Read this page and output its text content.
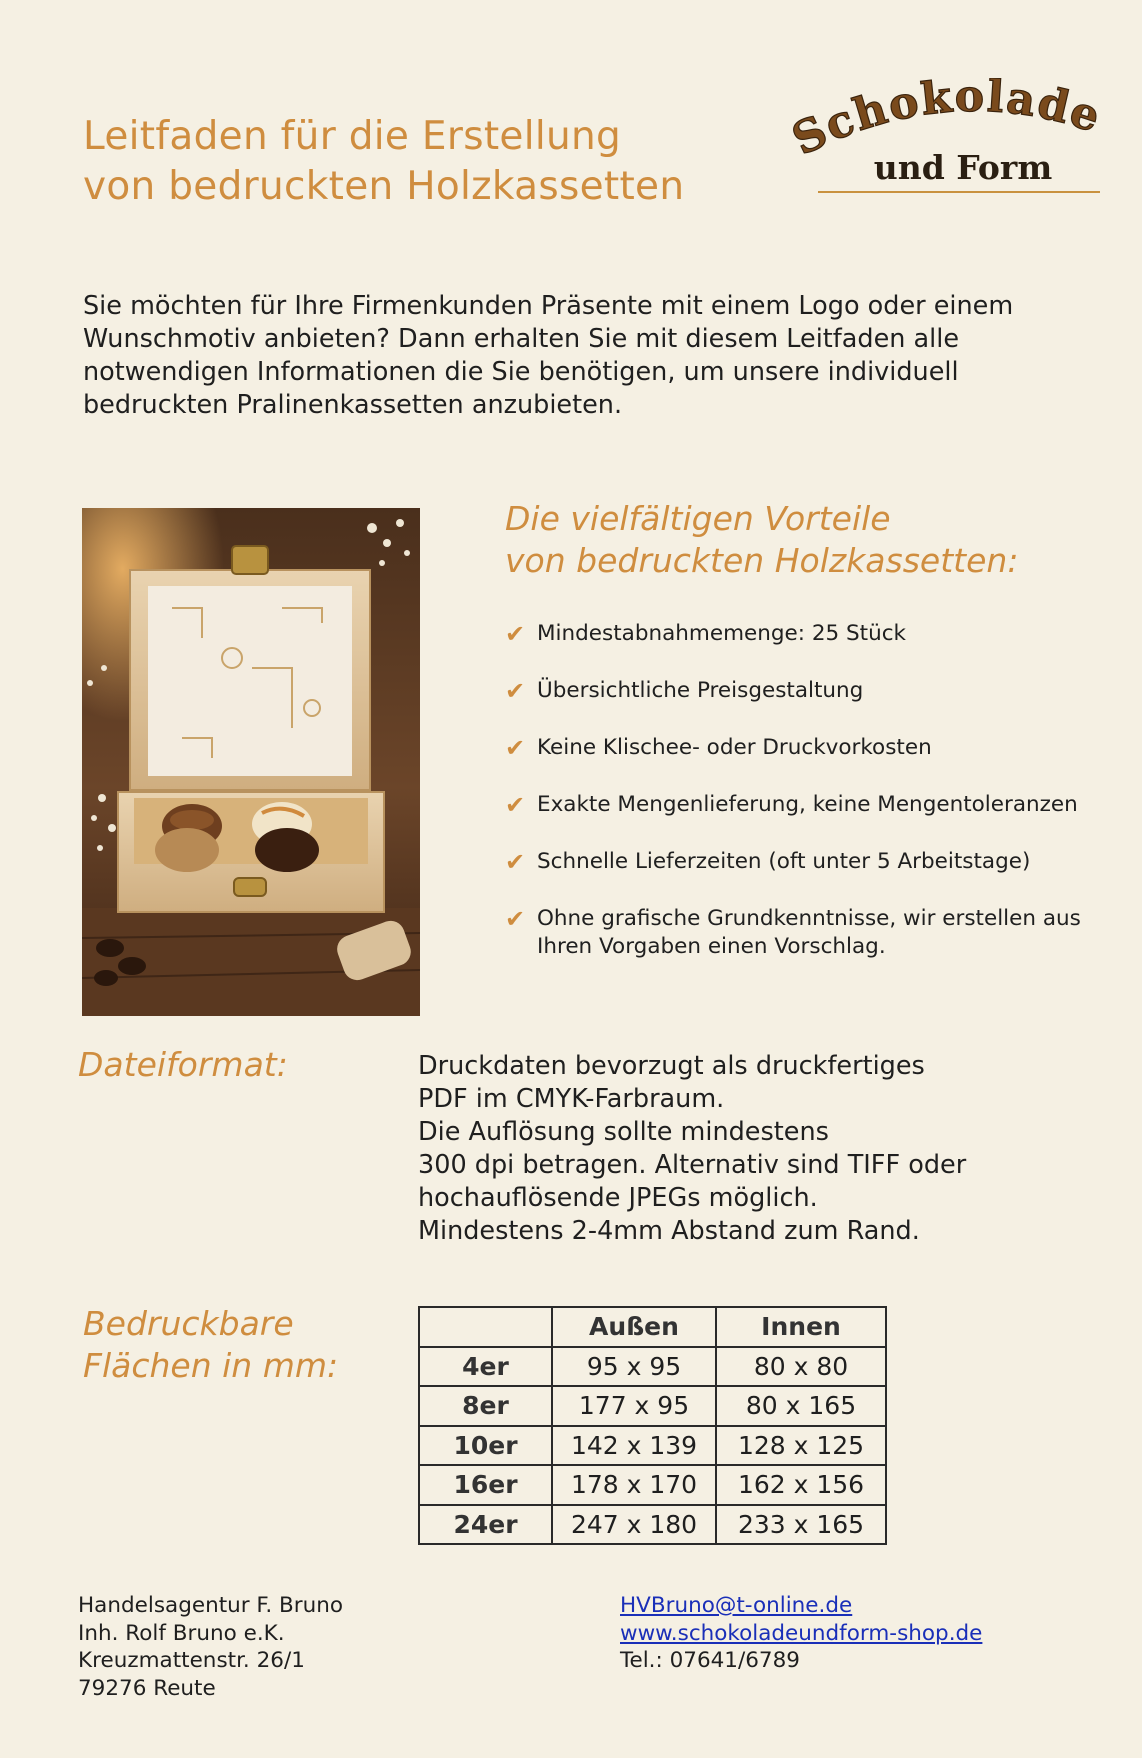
Leitfaden für die Erstellung
von bedruckten Holzkassetten
chokolade
und Form

Sie möchten für Ihre Firmenkunden Präsente mit einem Logo oder einem Wunschmotiv anbieten? Dann erhalten Sie mit diesem Leitfaden alle notwendigen Informationen die Sie benötigen, um unsere individuell bedruckten Pralinenkassetten anzubieten.

Die vielfältigen Vorteile
von bedruckten Holzkassetten:
✔ Mindestabnahmemenge: 25 Stück
✔ Übersichtliche Preisgestaltung
✔ Keine Klischee- oder Druckvorkosten
✔ Exakte Mengenlieferung, keine Mengentoleranzen
✔ Schnelle Lieferzeiten (oft unter 5 Arbeitstage)
✔ Ohne grafische Grundkenntnisse, wir erstellen aus Ihren Vorgaben einen Vorschlag.
Dateiformat:	Druckdaten bevorzugt als druckfertiges
PDF im CMYK-Farbraum.
Die Auflösung sollte mindestens
300 dpi betragen. Alternativ sind TIFF oder
hochauflösende JPEGs möglich.
Mindestens 2-4mm Abstand zum Rand.
Bedruckbare
Flächen in mm:
	Außen	Innen
4er	95 x 95	80 x 80
8er	177 x 95	80 x 165
10er	142 x 139	128 x 125
16er	178 x 170	162 x 156
24er	247 x 180	233 x 165
Handelsagentur F. Bruno
Inh. Rolf Bruno e.K.
Kreuzmattenstr. 26/1
79276 Reute
HVBruno@t-online.de
www.schokoladeundform-shop.de
Tel.: 07641/6789
